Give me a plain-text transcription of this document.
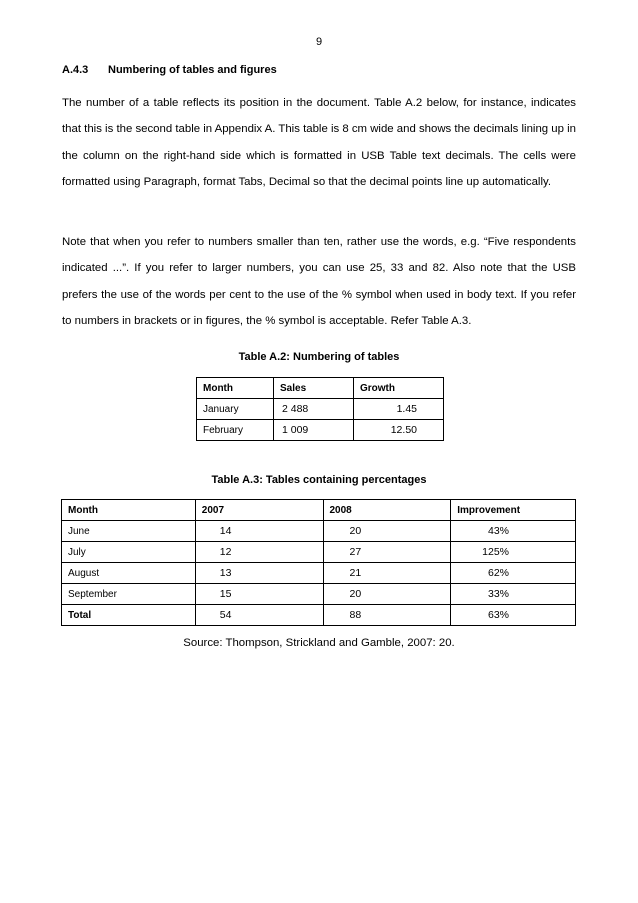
9
A.4.3 Numbering of tables and figures

The number of a table reflects its position in the document. Table A.2 below, for instance, indicates that this is the second table in Appendix A. This table is 8 cm wide and shows the decimals lining up in the column on the right-hand side which is formatted in USB Table text decimals. The cells were formatted using Paragraph, format Tabs, Decimal so that the decimal points line up automatically.

Note that when you refer to numbers smaller than ten, rather use the words, e.g. “Five respondents indicated ...”. If you refer to larger numbers, you can use 25, 33 and 82. Also note that the USB prefers the use of the words per cent to the use of the % symbol when used in body text. If you refer to numbers in brackets or in figures, the % symbol is acceptable. Refer Table A.3.

Table A.2: Numbering of tables
Month	Sales	Growth
January	2 488	1.45
February	1 009	12.50
Table A.3: Tables containing percentages
Month	2007	2008	Improvement
June	14	20	43%
July	12	27	125%
August	13	21	62%
September	15	20	33%
Total	54	88	63%
Source: Thompson, Strickland and Gamble, 2007: 20.
